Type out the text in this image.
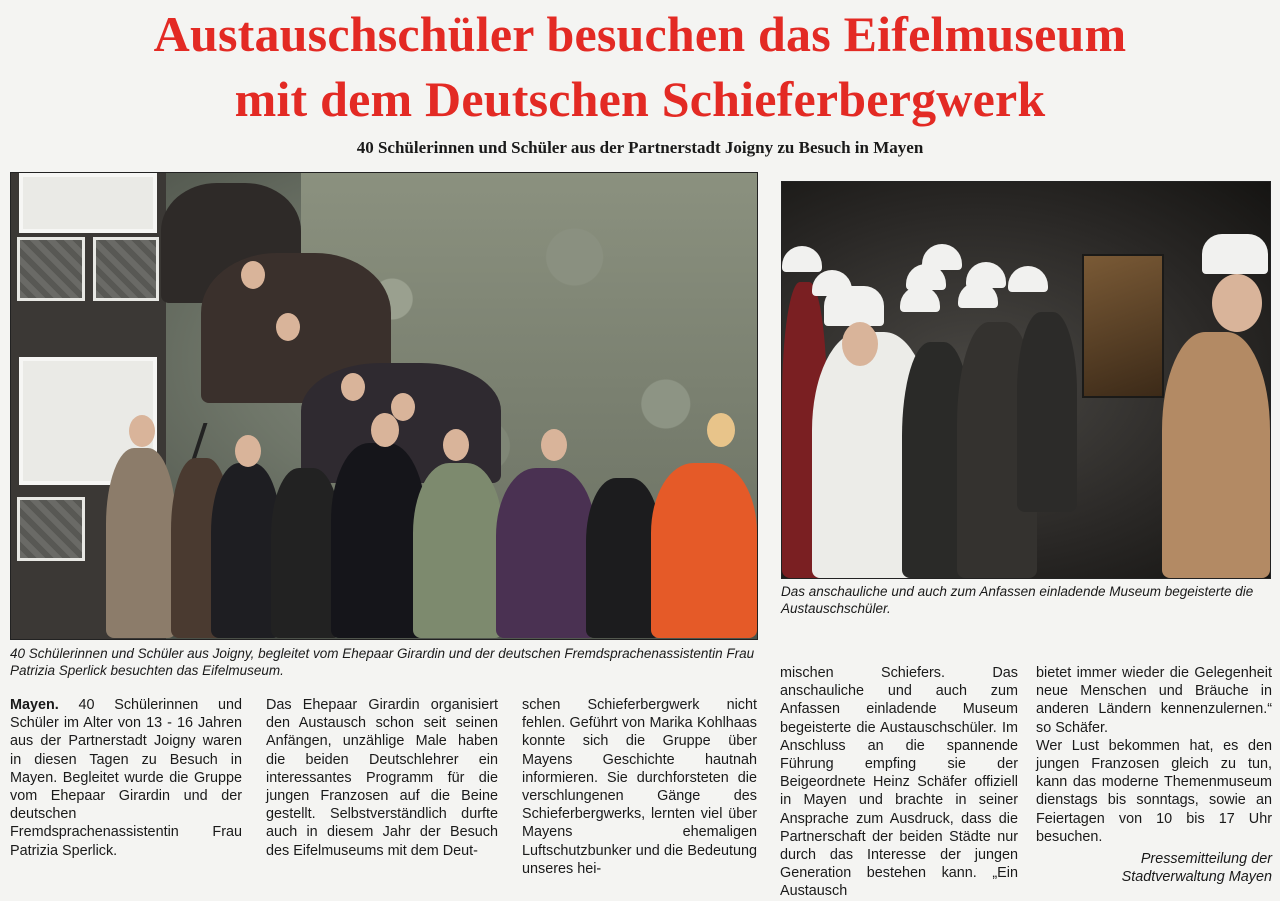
Austauschschüler besuchen das Eifelmuseum
mit dem Deutschen Schieferbergwerk
40 Schülerinnen und Schüler aus der Partnerstadt Joigny zu Besuch in Mayen
40 Schülerinnen und Schüler aus Joigny, begleitet vom Ehepaar Girardin und der deutschen Fremdsprachenassistentin Frau Patrizia Sperlick besuchten das Eifelmuseum.
Das anschauliche und auch zum Anfassen einladende Museum begeisterte die Austauschschüler.

Mayen. 40 Schülerinnen und Schüler im Alter von 13 - 16 Jahren aus der Partnerstadt Joigny waren in diesen Tagen zu Besuch in Mayen. Begleitet wurde die Gruppe vom Ehepaar Girardin und der deutschen Fremdsprachenassistentin Frau Patrizia Sperlick.

Das Ehepaar Girardin organisiert den Austausch schon seit seinen Anfängen, unzählige Male haben die beiden Deutschlehrer ein interessantes Programm für die jungen Franzosen auf die Beine gestellt. Selbstverständlich durfte auch in diesem Jahr der Besuch des Eifelmuseums mit dem Deut-

schen Schieferbergwerk nicht fehlen. Geführt von Marika Kohlhaas konnte sich die Gruppe über Mayens Geschichte hautnah informieren. Sie durchforsteten die verschlungenen Gänge des Schieferbergwerks, lernten viel über Mayens ehemaligen Luftschutzbunker und die Bedeutung unseres hei-

mischen Schiefers. Das anschauliche und auch zum Anfassen einladende Museum begeisterte die Austauschschüler. Im Anschluss an die spannende Führung empfing sie der Beigeordnete Heinz Schäfer offiziell in Mayen und brachte in seiner Ansprache zum Ausdruck, dass die Partnerschaft der beiden Städte nur durch das Interesse der jungen Generation bestehen kann. „Ein Austausch

bietet immer wieder die Gelegenheit neue Menschen und Bräuche in anderen Ländern kennenzulernen.“ so Schäfer.

Wer Lust bekommen hat, es den jungen Franzosen gleich zu tun, kann das moderne Themenmuseum dienstags bis sonntags, sowie an Feiertagen von 10 bis 17 Uhr besuchen.

Pressemitteilung der
Stadtverwaltung Mayen
